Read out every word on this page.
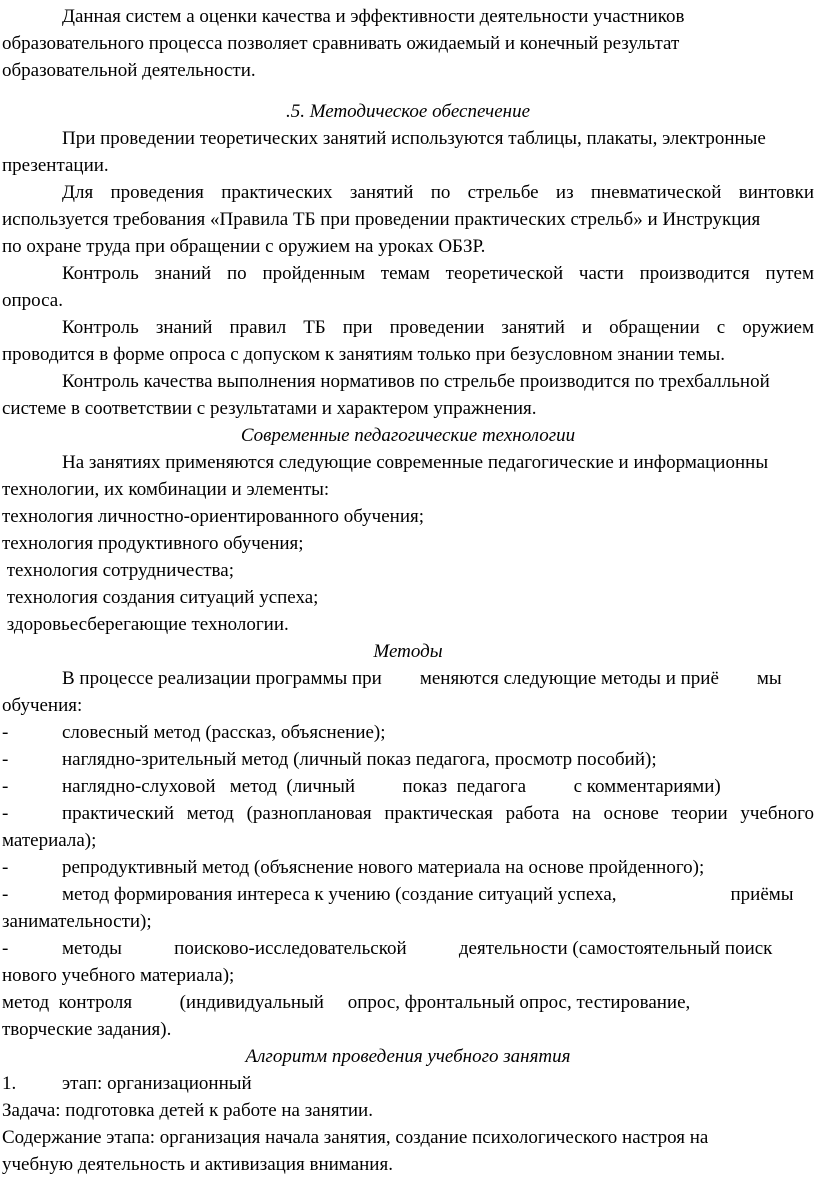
Данная систем а оценки качества и эффективности деятельности участников
образовательного процесса позволяет сравнивать ожидаемый и конечный результат
образовательной деятельности.
.5. Методическое обеспечение
При проведении теоретических занятий используются таблицы, плакаты, электронные
презентации.
Для проведения практических занятий по стрельбе из пневматической винтовки
используется требования «Правила ТБ при проведении практических стрельб» и Инструкция
по охране труда при обращении с оружием на уроках ОБЗР.
Контроль знаний по пройденным темам теоретической части производится путем
опроса.
Контроль знаний правил ТБ при проведении занятий и обращении с оружием
проводится в форме опроса с допуском к занятиям только при безусловном знании темы.
Контроль качества выполнения нормативов по стрельбе производится по трехбалльной
системе в соответствии с результатами и характером упражнения.
Современные педагогические технологии
На занятиях применяются следующие современные педагогические и информационны
технологии, их комбинации и элементы:
технология личностно-ориентированного обучения;
технология продуктивного обучения;
технология сотрудничества;
технология создания ситуаций успеха;
здоровьесберегающие технологии.
Методы
В процессе реализации программы при        меняются следующие методы и приё        мы
обучения:
-	словесный метод (рассказ, объяснение);
-	наглядно-зрительный метод (личный показ педагога, просмотр пособий);
-	наглядно-слуховой   метод  (личный          показ  педагога          с комментариями)
-	практический метод (разноплановая практическая работа на основе теории учебного
материала);
-	репродуктивный метод (объяснение нового материала на основе пройденного);
-	метод формирования интереса к учению (создание ситуаций успеха,                        приёмы
занимательности);
-	методы           поисково-исследовательской           деятельности (самостоятельный поиск
нового учебного материала);
метод  контроля          (индивидуальный     опрос, фронтальный опрос, тестирование,
творческие задания).
Алгоритм проведения учебного занятия
1. этап: организационный
Задача: подготовка детей к работе на занятии.
Содержание этапа: организация начала занятия, создание психологического настроя на
учебную деятельность и активизация внимания.
